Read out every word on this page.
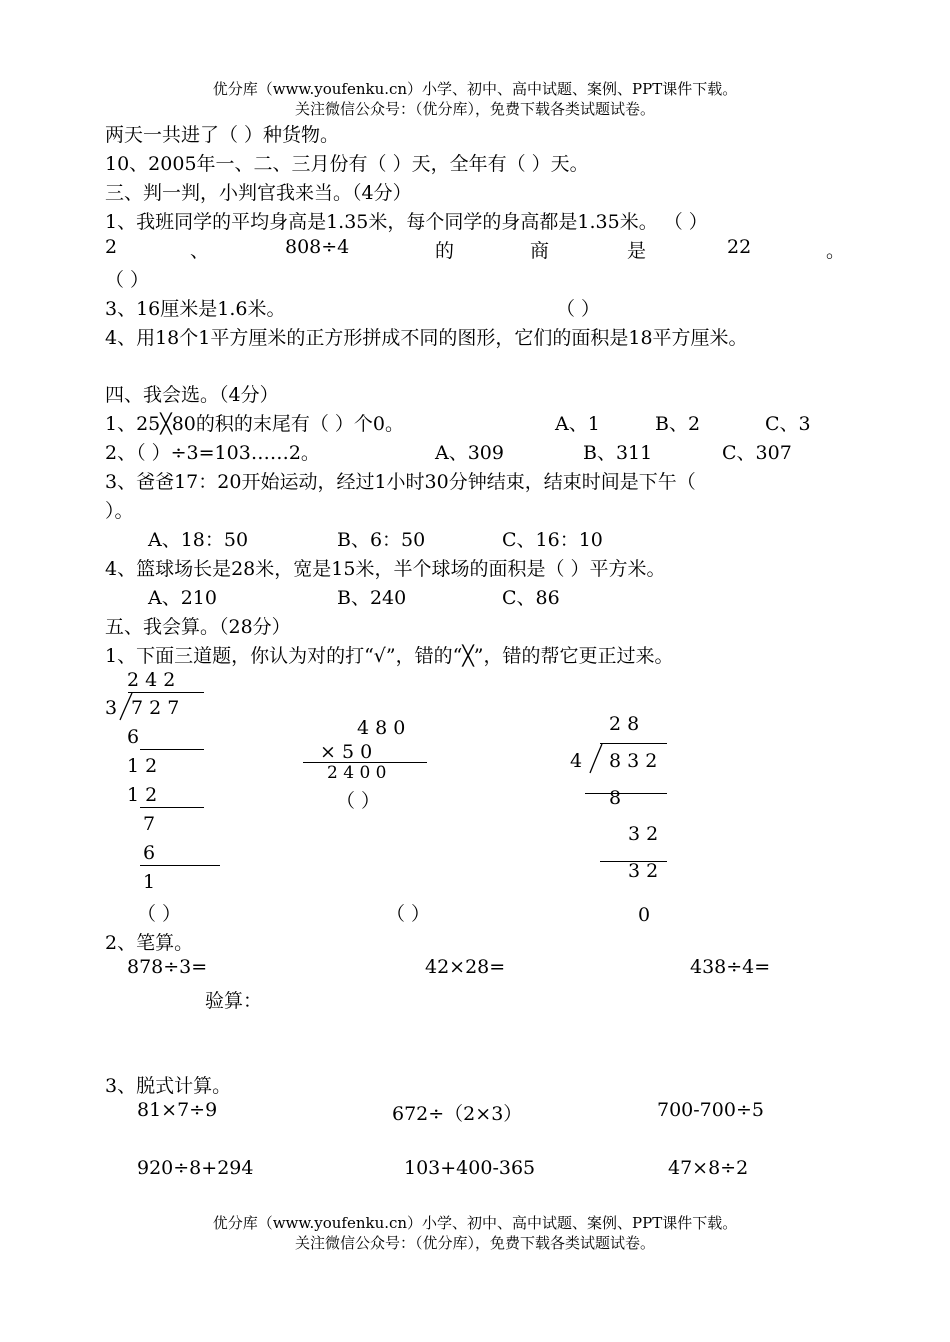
优分库（www.youfenku.cn）小学、初中、高中试题、案例、PPT课件下载。
关注微信公众号：（优分库），免费下载各类试题试卷。
两天一共进了（ ）种货物。
10、2005年一、二、三月份有（ ）天，全年有（ ）天。
三、判一判，小判官我来当。（4分）
1、我班同学的平均身高是1.35米，每个同学的身高都是1.35米。 （ ）
2	、	808÷4	的	商	是	22	。
（ ）
3、16厘米是1.6米。	（ ）
4、用18个1平方厘米的正方形拼成不同的图形，它们的面积是18平方厘米。
四、我会选。（4分）
1、25╳80的积的末尾有（ ）个0。	A、1	B、2	C、3
2、（ ）÷3=103……2。	A、309	B、311	C、307
3、爸爸17：20开始运动，经过1小时30分钟结束，结束时间是下午（
）。
A、18：50	B、6：50	C、16：10
4、篮球场长是28米，宽是15米，半个球场的面积是（ ）平方米。
A、210	B、240	C、86
五、我会算。（28分）
1、下面三道题，你认为对的打“√”，错的“╳”，错的帮它更正过来。
2 4 2
3 7 2 7
6
1 2
1 2
7
6
1
（ ）
4 8 0
× 5 0
2 4 0 0
（ ）
（ ）
2 8
4 8 3 2
8
3 2
3 2
0
2、笔算。
878÷3=	42×28=	438÷4=
验算：
3、脱式计算。
81×7÷9	672÷（2×3）	700-700÷5
920÷8+294	103+400-365	47×8÷2
优分库（www.youfenku.cn）小学、初中、高中试题、案例、PPT课件下载。
关注微信公众号：（优分库），免费下载各类试题试卷。
